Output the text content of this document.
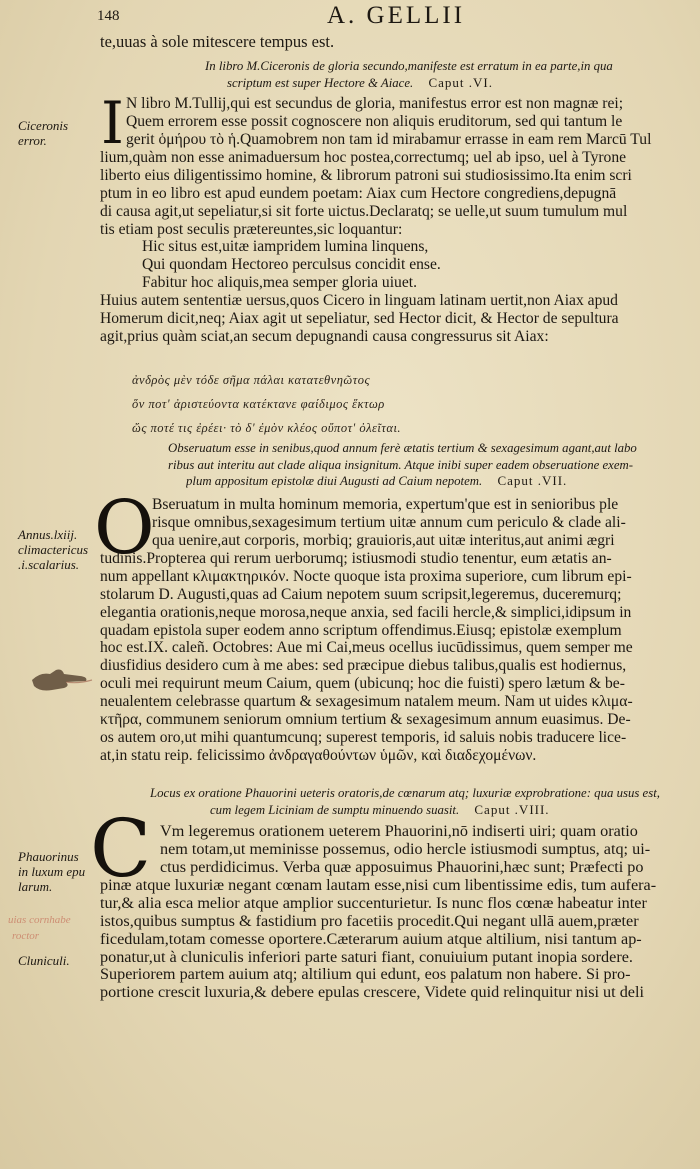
148	A. GELLII
te,uuas à sole mitescere tempus est.
In libro M.Ciceronis de gloria secundo,manifeste est erratum in ea parte,in qua
scriptum est super Hectore & Aiace. Caput .VI.
I
Ciceronis
error.
N libro M.Tullij,qui est secundus de gloria, manifestus error est non magnæ rei;
Quem errorem esse possit cognoscere non aliquis eruditorum, sed qui tantum le
gerit ὁμήρου τὸ ἡ.Quamobrem non tam id mirabamur errasse in eam rem Marcū Tul
lium,quàm non esse animaduersum hoc postea,correctumq; uel ab ipso, uel à Tyrone
liberto eius diligentissimo homine, & librorum patroni sui studiosissimo.Ita enim scri
ptum in eo libro est apud eundem poetam: Aiax cum Hectore congrediens,depugnā
di causa agit,ut sepeliatur,si sit forte uictus.Declaratq; se uelle,ut suum tumulum mul
tis etiam post seculis prætereuntes,sic loquantur:
Hic situs est,uitæ iampridem lumina linquens,
Qui quondam Hectoreo perculsus concidit ense.
Fabitur hoc aliquis,mea semper gloria uiuet.
Huius autem sententiæ uersus,quos Cicero in linguam latinam uertit,non Aiax apud
Homerum dicit,neq; Aiax agit ut sepeliatur, sed Hector dicit, & Hector de sepultura
agit,prius quàm sciat,an secum depugnandi causa congressurus sit Aiax:
ἀνδρὸς μὲν τόδε σῆμα πάλαι κατατεθνηῶτος
ὅν ποτ' ἀριστεύοντα κατέκτανε φαίδιμος ἕκτωρ
ὥς ποτέ τις ἐρέει· τὸ δ' ἐμὸν κλέος οὔποτ' ὀλεῖται.
Obseruatum esse in senibus,quod annum ferè ætatis tertium & sexagesimum agant,aut labo
ribus aut interitu aut clade aliqua insignitum. Atque inibi super eadem obseruatione exem-
plum appositum epistolæ diui Augusti ad Caium nepotem. Caput .VII.
O
Annus.lxiij.
climactericus
.i.scalarius.
Bseruatum in multa hominum memoria, expertum'que est in senioribus ple
risque omnibus,sexagesimum tertium uitæ annum cum periculo & clade ali-
qua uenire,aut corporis, morbiq; grauioris,aut uitæ interitus,aut animi ægri
tudinis.Propterea qui rerum uerborumq; istiusmodi studio tenentur, eum ætatis an-
num appellant κλιμακτηρικόν. Nocte quoque ista proxima superiore, cum librum epi-
stolarum D. Augusti,quas ad Caium nepotem suum scripsit,legeremus, duceremurq;
elegantia orationis,neque morosa,neque anxia, sed facili hercle,& simplici,idipsum in
quadam epistola super eodem anno scriptum offendimus.Eiusq; epistolæ exemplum
hoc est.IX. caleñ. Octobres: Aue mi Cai,meus ocellus iucūdissimus, quem semper me
diusfidius desidero cum à me abes: sed præcipue diebus talibus,qualis est hodiernus,
oculi mei requirunt meum Caium, quem (ubicunq; hoc die fuisti) spero lætum & be-
neualentem celebrasse quartum & sexagesimum natalem meum. Nam ut uides κλιμα-
κτῆρα, communem seniorum omnium tertium & sexagesimum annum euasimus. De-
os autem oro,ut mihi quantumcunq; superest temporis, id saluis nobis traducere lice-
at,in statu reip. felicissimo ἀνδραγαθούντων ὑμῶν, καὶ διαδεχομένων.
Locus ex oratione Phauorini ueteris oratoris,de cœnarum atq; luxuriæ exprobratione: qua usus est,
cum legem Liciniam de sumptu minuendo suasit. Caput .VIII.
C
Phauorinus
in luxum epu
larum.
uias cornhabe
roctor
Cluniculi.
Vm legeremus orationem ueterem Phauorini,nō indiserti uiri; quam oratio
nem totam,ut meminisse possemus, odio hercle istiusmodi sumptus, atq; ui-
ctus perdidicimus. Verba quæ apposuimus Phauorini,hæc sunt; Præfecti po
pinæ atque luxuriæ negant cœnam lautam esse,nisi cum libentissime edis, tum aufera-
tur,& alia esca melior atque amplior succenturietur. Is nunc flos cœnæ habeatur inter
istos,quibus sumptus & fastidium pro facetiis procedit.Qui negant ullā auem,præter
ficedulam,totam comesse oportere.Cæterarum auium atque altilium, nisi tantum ap-
ponatur,ut à cluniculis inferiori parte saturi fiant, conuiuium putant inopia sordere.
Superiorem partem auium atq; altilium qui edunt, eos palatum non habere. Si pro-
portione crescit luxuria,& debere epulas crescere, Videte quid relinquitur nisi ut deli
